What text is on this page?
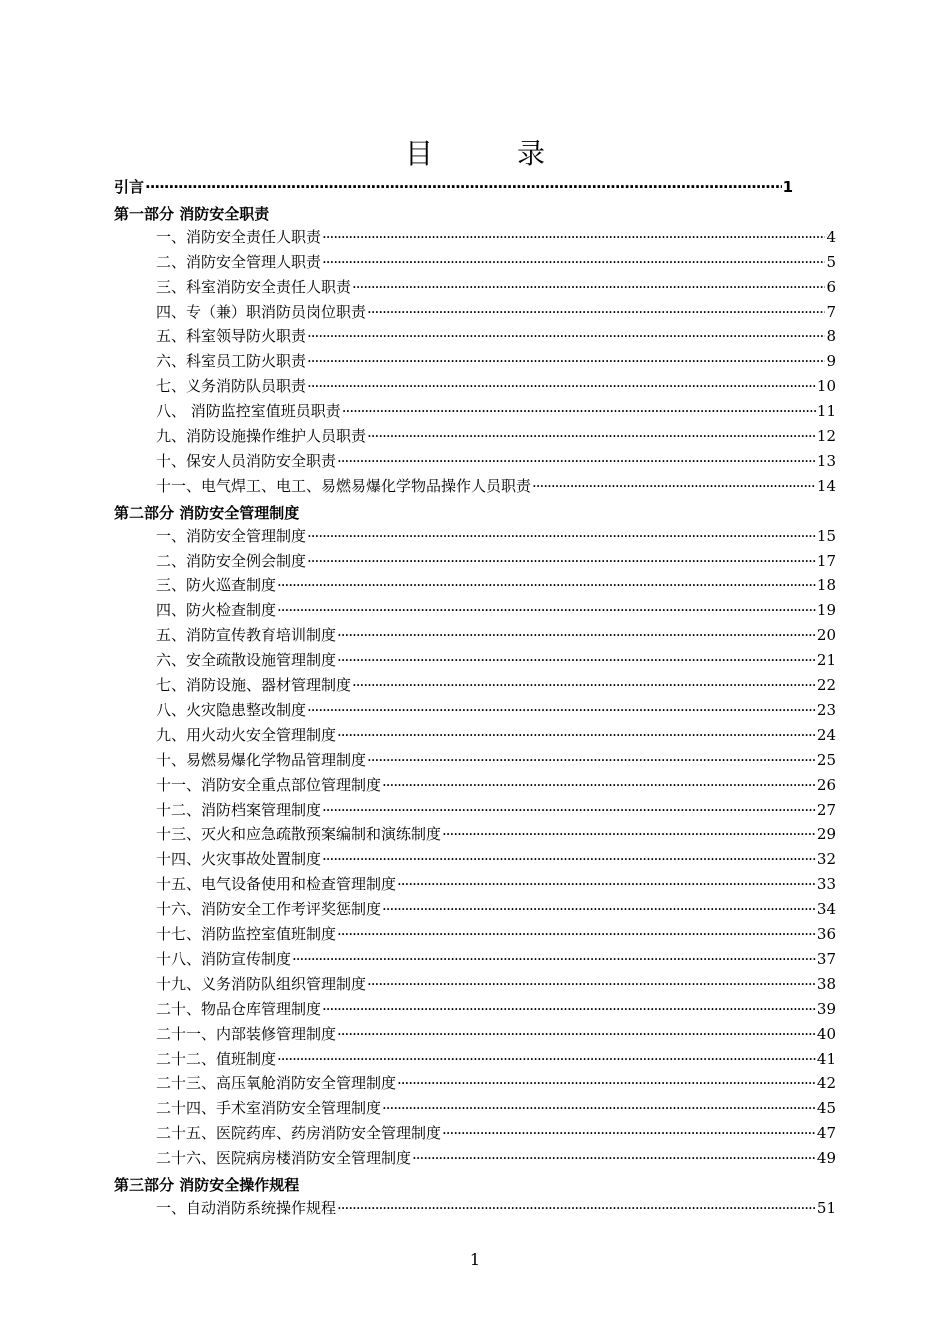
目	录
1
引言 ·····	1
第一部分 消防安全职责
一、消防安全责任人职责 ·····	4
二、消防安全管理人职责 ·····	5
三、科室消防安全责任人职责 ·····	6
四、专（兼）职消防员岗位职责 ·····	7
五、科室领导防火职责 ·····	8
六、科室员工防火职责 ·····	9
七、义务消防队员职责 ·····	10
八、 消防监控室值班员职责 ·····	11
九、消防设施操作维护人员职责 ·····	12
十、保安人员消防安全职责 ·····	13
十一、电气焊工、电工、易燃易爆化学物品操作人员职责 ·····	14
第二部分 消防安全管理制度
一、消防安全管理制度 ·····	15
二、消防安全例会制度 ·····	17
三、防火巡查制度 ·····	18
四、防火检查制度 ·····	19
五、消防宣传教育培训制度 ·····	20
六、安全疏散设施管理制度 ·····	21
七、消防设施、器材管理制度 ·····	22
八、火灾隐患整改制度 ·····	23
九、用火动火安全管理制度 ·····	24
十、易燃易爆化学物品管理制度 ·····	25
十一、消防安全重点部位管理制度 ·····	26
十二、消防档案管理制度 ·····	27
十三、灭火和应急疏散预案编制和演练制度 ·····	29
十四、火灾事故处置制度 ·····	32
十五、电气设备使用和检查管理制度 ·····	33
十六、消防安全工作考评奖惩制度 ·····	34
十七、消防监控室值班制度 ·····	36
十八、消防宣传制度 ·····	37
十九、义务消防队组织管理制度 ·····	38
二十、物品仓库管理制度 ·····	39
二十一、内部装修管理制度 ·····	40
二十二、值班制度 ·····	41
二十三、高压氧舱消防安全管理制度 ·····	42
二十四、手术室消防安全管理制度 ·····	45
二十五、医院药库、药房消防安全管理制度 ·····	47
二十六、医院病房楼消防安全管理制度 ·····	49
第三部分 消防安全操作规程
一、自动消防系统操作规程 ·····	51
